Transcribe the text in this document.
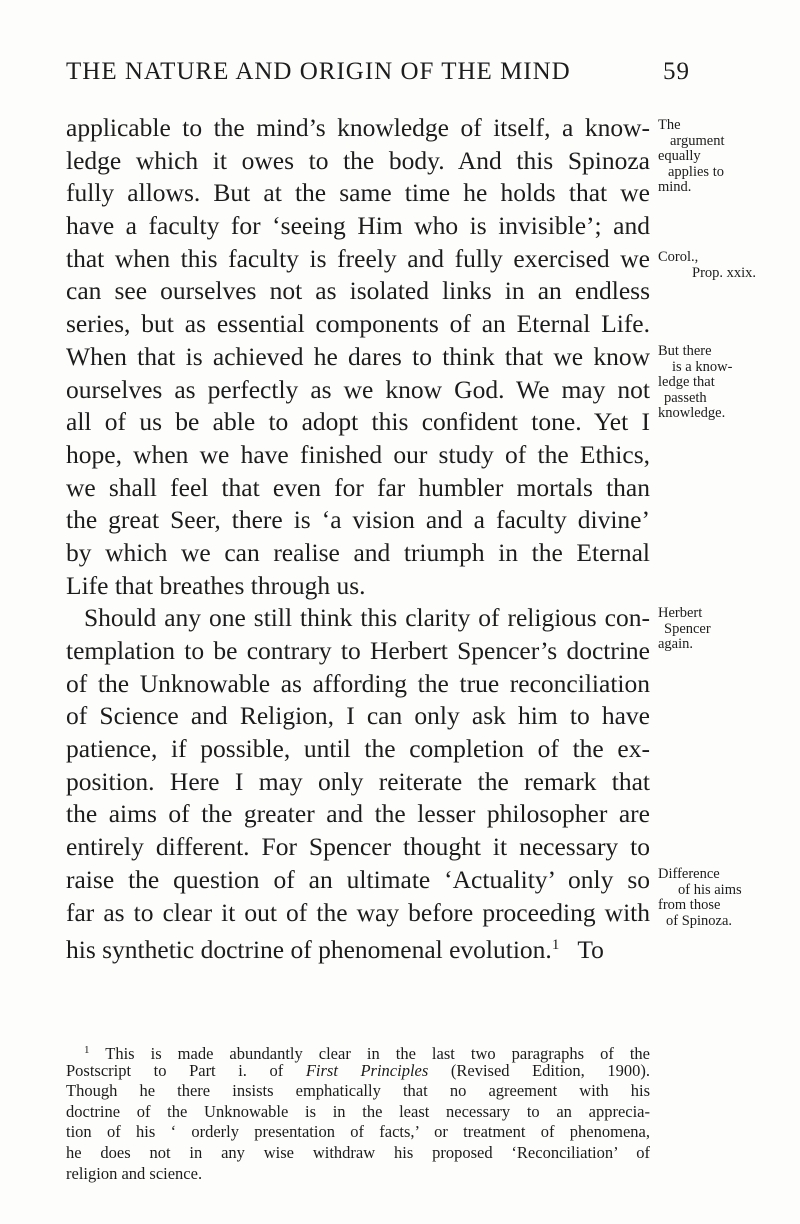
THE NATURE AND ORIGIN OF THE MIND	59
applicable to the mind’s knowledge of itself, a know-
ledge which it owes to the body. And this Spinoza
fully allows. But at the same time he holds that we
have a faculty for ‘seeing Him who is invisible’; and
that when this faculty is freely and fully exercised we
can see ourselves not as isolated links in an endless
series, but as essential components of an Eternal Life.
When that is achieved he dares to think that we know
ourselves as perfectly as we know God. We may not
all of us be able to adopt this confident tone. Yet I
hope, when we have finished our study of the Ethics,
we shall feel that even for far humbler mortals than
the great Seer, there is ‘a vision and a faculty divine’
by which we can realise and triumph in the Eternal
Life that breathes through us.
Should any one still think this clarity of religious con-
templation to be contrary to Herbert Spencer’s doctrine
of the Unknowable as affording the true reconciliation
of Science and Religion, I can only ask him to have
patience, if possible, until the completion of the ex-
position. Here I may only reiterate the remark that
the aims of the greater and the lesser philosopher are
entirely different. For Spencer thought it necessary to
raise the question of an ultimate ‘Actuality’ only so
far as to clear it out of the way before proceeding with
his synthetic doctrine of phenomenal evolution.$^1$ To
The
argument
equally
applies to
mind.
Corol.,
Prop. xxix.
But there
is a know-
ledge that
passeth
knowledge.
Herbert
Spencer
again.
Difference
of his aims
from those
of Spinoza.
$^1$ This is made abundantly clear in the last two paragraphs of the
Postscript to Part i. of First Principles (Revised Edition, 1900).
Though he there insists emphatically that no agreement with his
doctrine of the Unknowable is in the least necessary to an apprecia-
tion of his ‘ orderly presentation of facts,’ or treatment of phenomena,
he does not in any wise withdraw his proposed ‘Reconciliation’ of
religion and science.
